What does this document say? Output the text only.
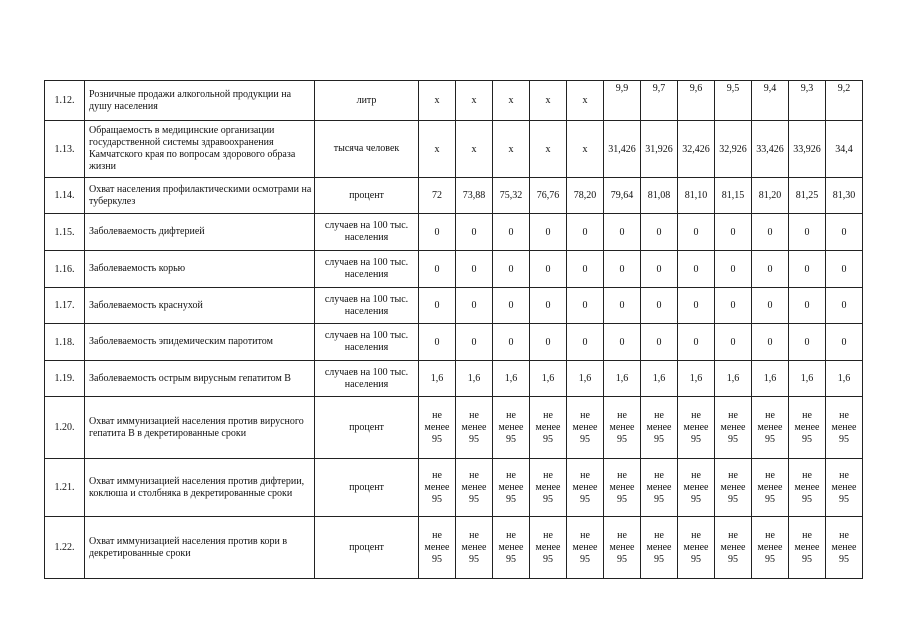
1.12.	Розничные продажи алкогольной продукции на душу населения	литр	x	x	x	x	x	9,9	9,7	9,6	9,5	9,4	9,3	9,2
1.13.	Обращаемость в медицинские организации государственной системы здравоохранения Камчатского края по вопросам здорового образа жизни	тысяча человек	x	x	x	x	x	31,426	31,926	32,426	32,926	33,426	33,926	34,4
1.14.	Охват населения профилактическими осмотрами на туберкулез	процент	72	73,88	75,32	76,76	78,20	79,64	81,08	81,10	81,15	81,20	81,25	81,30
1.15.	Заболеваемость дифтерией	случаев на 100 тыс. населения	0	0	0	0	0	0	0	0	0	0	0	0
1.16.	Заболеваемость корью	случаев на 100 тыс. населения	0	0	0	0	0	0	0	0	0	0	0	0
1.17.	Заболеваемость краснухой	случаев на 100 тыс. населения	0	0	0	0	0	0	0	0	0	0	0	0
1.18.	Заболеваемость эпидемическим паротитом	случаев на 100 тыс. населения	0	0	0	0	0	0	0	0	0	0	0	0
1.19.	Заболеваемость острым вирусным гепатитом В	случаев на 100 тыс. населения	1,6	1,6	1,6	1,6	1,6	1,6	1,6	1,6	1,6	1,6	1,6	1,6
1.20.	Охват иммунизацией населения против вирусного гепатита В в декретированные сроки	процент	не менее 95	не менее 95	не менее 95	не менее 95	не менее 95	не менее 95	не менее 95	не менее 95	не менее 95	не менее 95	не менее 95	не менее 95
1.21.	Охват иммунизацией населения против дифтерии, коклюша и столбняка в декретированные сроки	процент	не менее 95	не менее 95	не менее 95	не менее 95	не менее 95	не менее 95	не менее 95	не менее 95	не менее 95	не менее 95	не менее 95	не менее 95
1.22.	Охват иммунизацией населения против кори в декретированные сроки	процент	не менее 95	не менее 95	не менее 95	не менее 95	не менее 95	не менее 95	не менее 95	не менее 95	не менее 95	не менее 95	не менее 95	не менее 95
